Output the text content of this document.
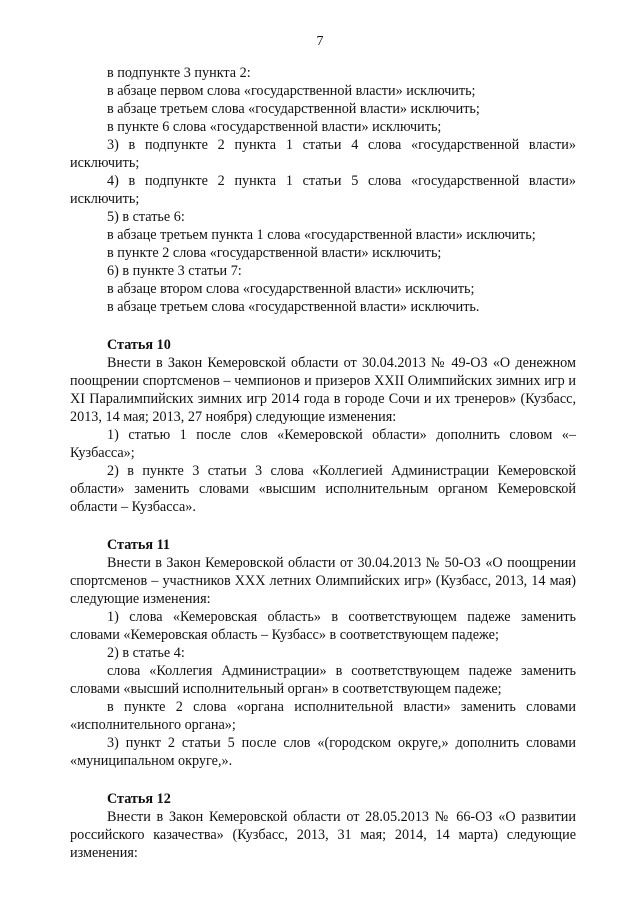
7

в подпункте 3 пункта 2:

в абзаце первом слова «государственной власти» исключить;

в абзаце третьем слова «государственной власти» исключить;

в пункте 6 слова «государственной власти» исключить;

3) в подпункте 2 пункта 1 статьи 4 слова «государственной власти» исключить;

4) в подпункте 2 пункта 1 статьи 5 слова «государственной власти» исключить;

5) в статье 6:

в абзаце третьем пункта 1 слова «государственной власти» исключить;

в пункте 2 слова «государственной власти» исключить;

6) в пункте 3 статьи 7:

в абзаце втором слова «государственной власти» исключить;

в абзаце третьем слова «государственной власти» исключить.

Статья 10

Внести в Закон Кемеровской области от 30.04.2013 № 49-ОЗ «О денежном поощрении спортсменов – чемпионов и призеров XXII Олимпийских зимних игр и XI Паралимпийских зимних игр 2014 года в городе Сочи и их тренеров» (Кузбасс, 2013, 14 мая; 2013, 27 ноября) следующие изменения:

1) статью 1 после слов «Кемеровской области» дополнить словом «– Кузбасса»;

2) в пункте 3 статьи 3 слова «Коллегией Администрации Кемеровской области» заменить словами «высшим исполнительным органом Кемеровской области – Кузбасса».

Статья 11

Внести в Закон Кемеровской области от 30.04.2013 № 50-ОЗ «О поощрении спортсменов – участников XXX летних Олимпийских игр» (Кузбасс, 2013, 14 мая) следующие изменения:

1) слова «Кемеровская область» в соответствующем падеже заменить словами «Кемеровская область – Кузбасс» в соответствующем падеже;

2) в статье 4:

слова «Коллегия Администрации» в соответствующем падеже заменить словами «высший исполнительный орган» в соответствующем падеже;

в пункте 2 слова «органа исполнительной власти» заменить словами «исполнительного органа»;

3) пункт 2 статьи 5 после слов «(городском округе,» дополнить словами «муниципальном округе,».

Статья 12

Внести в Закон Кемеровской области от 28.05.2013 № 66-ОЗ «О развитии российского казачества» (Кузбасс, 2013, 31 мая; 2014, 14 марта) следующие изменения:
